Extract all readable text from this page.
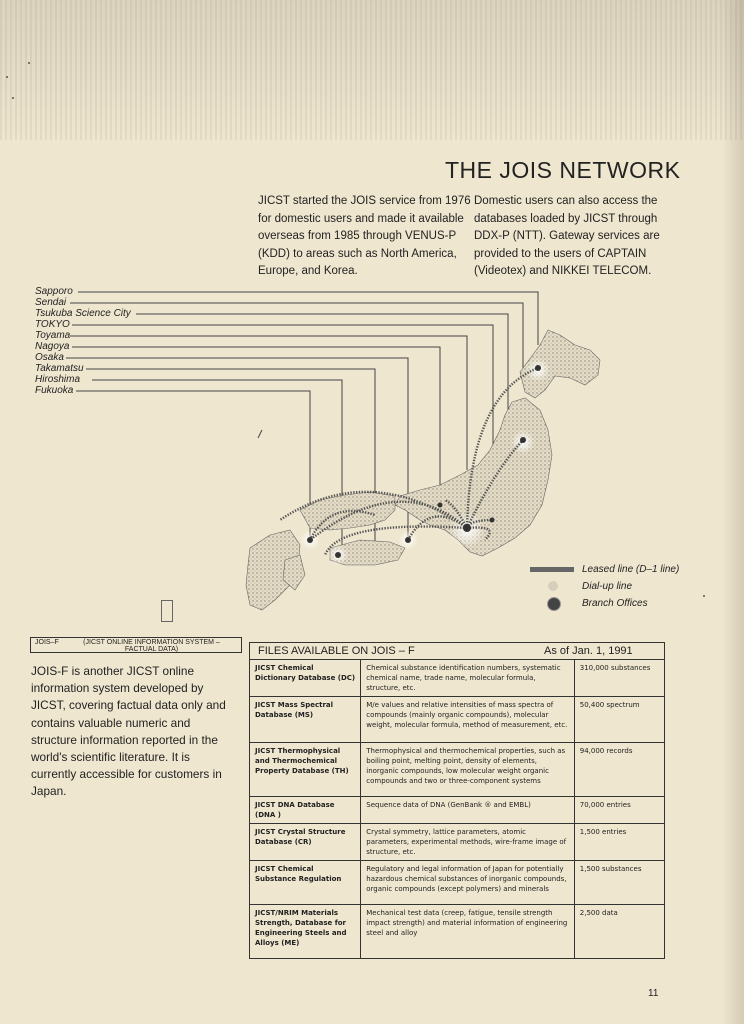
THE JOIS NETWORK
JICST started the JOIS service from 1976 for domestic users and made it available overseas from 1985 through VENUS-P (KDD) to areas such as North America, Europe, and Korea.
Domestic users can also access the databases loaded by JICST through DDX-P (NTT). Gateway services are provided to the users of CAPTAIN (Videotex) and NIKKEI TELECOM.
Sapporo
Sendai
Tsukuba Science City
TOKYO
Toyama
Nagoya
Osaka
Takamatsu
Hiroshima
Fukuoka
Leased line (D–1 line)
Dial-up line
Branch Offices
JOIS–F	(JICST ONLINE INFORMATION SYSTEM – FACTUAL DATA)
JOIS-F is another JICST online information system developed by JICST, covering factual data only and contains valuable numeric and structure information reported in the world's scientific literature. It is currently accessible for customers in Japan.
FILES AVAILABLE ON JOIS – F	As of Jan. 1, 1991
JICST Chemical Dictionary Database (DC)	Chemical substance identification numbers, systematic chemical name, trade name, molecular formula, structure, etc.	310,000 substances
JICST Mass Spectral Database (MS)	M/e values and relative intensities of mass spectra of compounds (mainly organic compounds), molecular weight, molecular formula, method of measurement, etc.	50,400 spectrum
JICST Thermophysical and Thermochemical Property Database (TH)	Thermophysical and thermochemical properties, such as boiling point, melting point, density of elements, inorganic compounds, low molecular weight organic compounds and two or three-component systems	94,000 records
JICST DNA Database (DNA )	Sequence data of DNA (GenBank ® and EMBL)	70,000 entries
JICST Crystal Structure Database (CR)	Crystal symmetry, lattice parameters, atomic parameters, experimental methods, wire-frame image of structure, etc.	1,500 entries
JICST Chemical Substance Regulation	Regulatory and legal information of Japan for potentially hazardous chemical substances of inorganic compounds, organic compounds (except polymers) and minerals	1,500 substances
JICST/NRIM Materials Strength, Database for Engineering Steels and Alloys (ME)	Mechanical test data (creep, fatigue, tensile strength impact strength) and material information of engineering steel and alloy	2,500 data
11
